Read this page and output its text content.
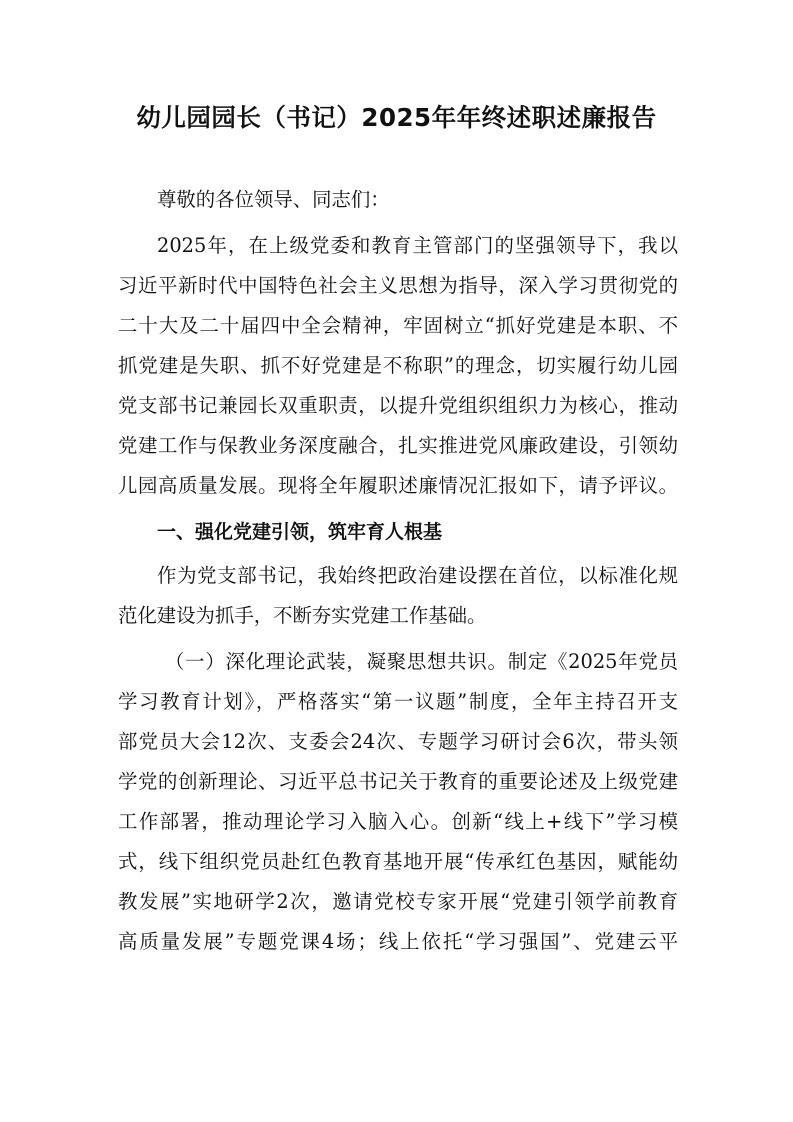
幼儿园园长（书记）2025年年终述职述廉报告

尊敬的各位领导、同志们：

2025年，在上级党委和教育主管部门的坚强领导下，我以

习近平新时代中国特色社会主义思想为指导，深入学习贯彻党的

二十大及二十届四中全会精神，牢固树立“抓好党建是本职、不

抓党建是失职、抓不好党建是不称职”的理念，切实履行幼儿园

党支部书记兼园长双重职责，以提升党组织组织力为核心，推动

党建工作与保教业务深度融合，扎实推进党风廉政建设，引领幼

儿园高质量发展。现将全年履职述廉情况汇报如下，请予评议。

一、强化党建引领，筑牢育人根基

作为党支部书记，我始终把政治建设摆在首位，以标准化规

范化建设为抓手，不断夯实党建工作基础。

（一）深化理论武装，凝聚思想共识。制定《2025年党员

学习教育计划》，严格落实“第一议题”制度，全年主持召开支

部党员大会12次、支委会24次、专题学习研讨会6次，带头领

学党的创新理论、习近平总书记关于教育的重要论述及上级党建

工作部署，推动理论学习入脑入心。创新“线上+线下”学习模

式，线下组织党员赴红色教育基地开展“传承红色基因，赋能幼

教发展”实地研学2次，邀请党校专家开展“党建引领学前教育

高质量发展”专题党课4场；线上依托“学习强国”、党建云平
